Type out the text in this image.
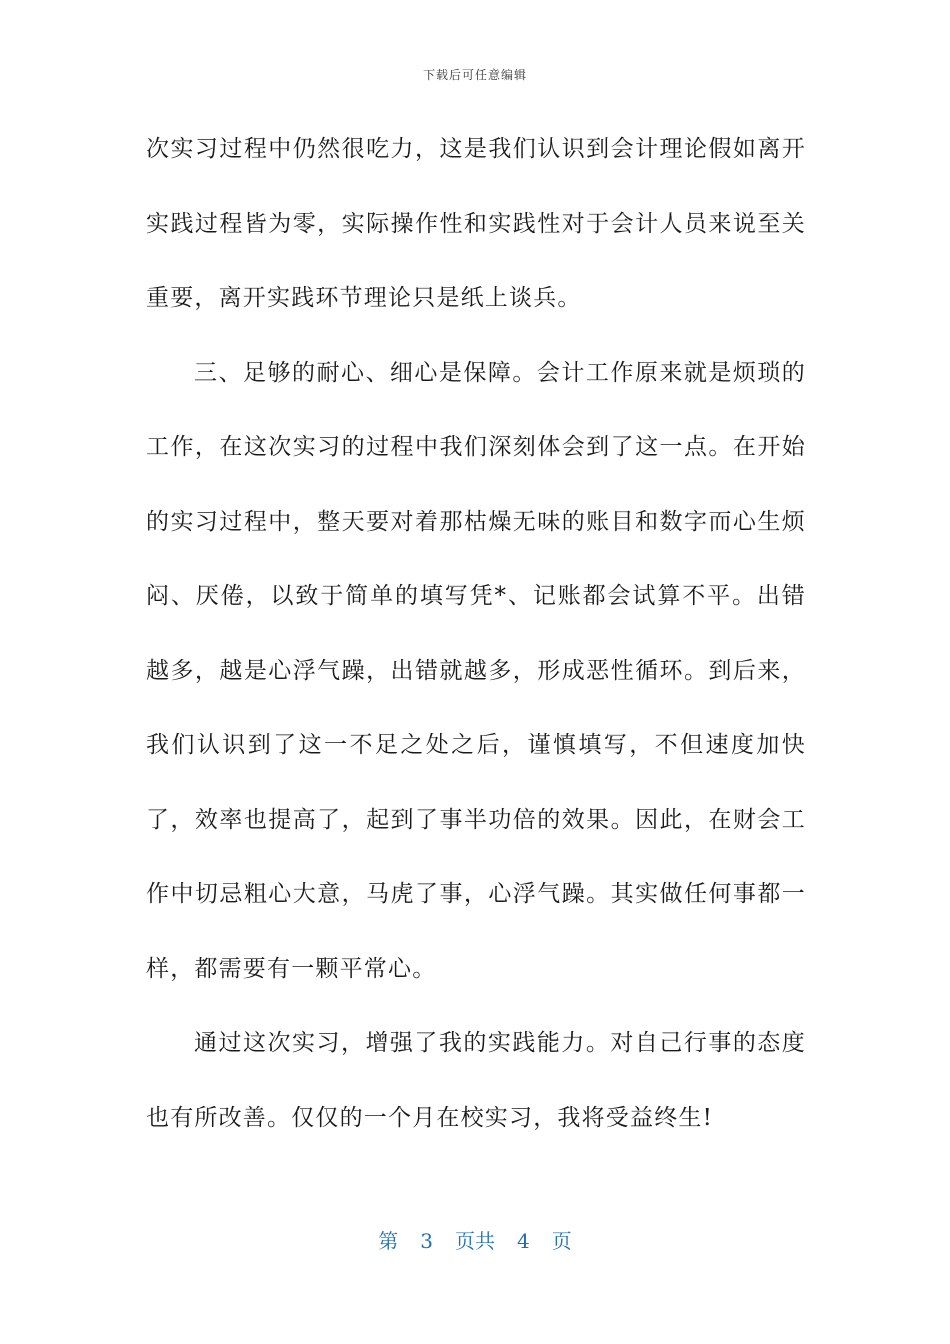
下载后可任意编辑

次实习过程中仍然很吃力，这是我们认识到会计理论假如离开实践过程皆为零，实际操作性和实践性对于会计人员来说至关重要，离开实践环节理论只是纸上谈兵。

三、足够的耐心、细心是保障。会计工作原来就是烦琐的工作，在这次实习的过程中我们深刻体会到了这一点。在开始的实习过程中，整天要对着那枯燥无味的账目和数字而心生烦闷、厌倦，以致于简单的填写凭*、记账都会试算不平。出错越多，越是心浮气躁，出错就越多，形成恶性循环。到后来，我们认识到了这一不足之处之后，谨慎填写，不但速度加快了，效率也提高了，起到了事半功倍的效果。因此，在财会工作中切忌粗心大意，马虎了事，心浮气躁。其实做任何事都一样，都需要有一颗平常心。

通过这次实习，增强了我的实践能力。对自己行事的态度也有所改善。仅仅的一个月在校实习，我将受益终生!

第 3 页共 4 页
